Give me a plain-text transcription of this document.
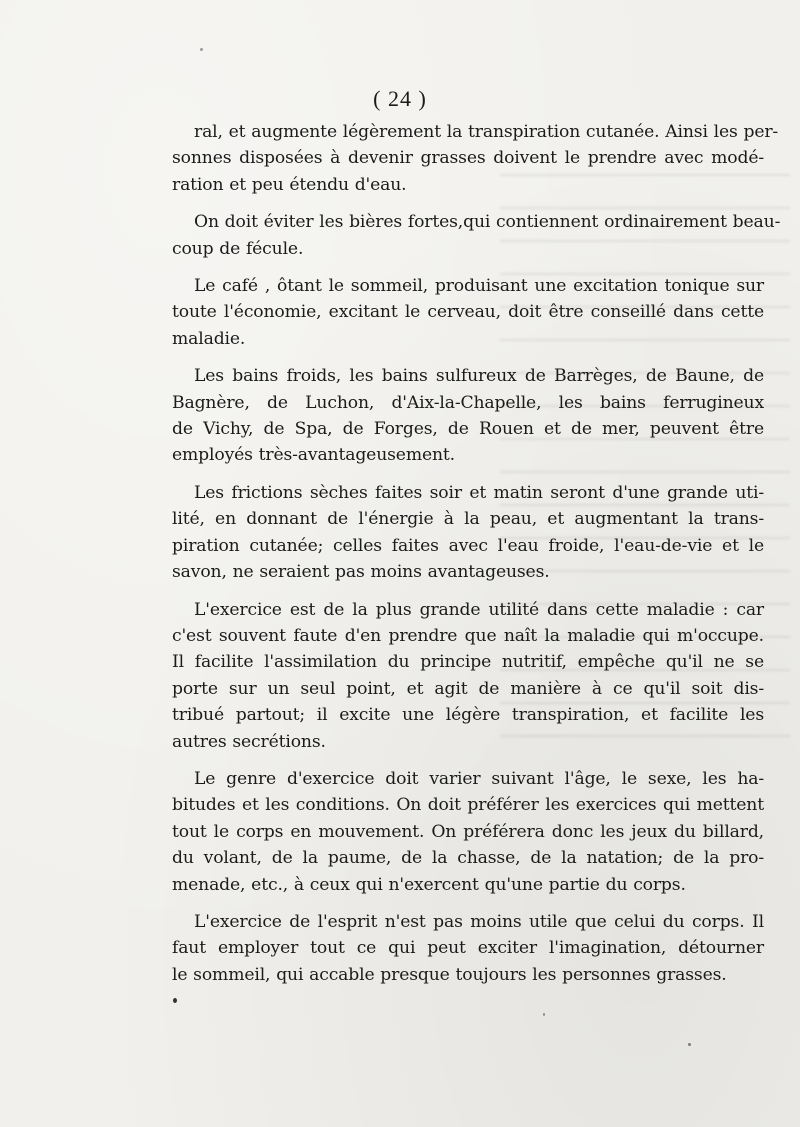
( 24 )

ral, et augmente légèrement la transpiration cutanée. Ainsi les per-
sonnes disposées à devenir grasses doivent le prendre avec modé-
ration et peu étendu d'eau.

On doit éviter les bières fortes,qui contiennent ordinairement beau-
coup de fécule.

Le café , ôtant le sommeil, produisant une excitation tonique sur
toute l'économie, excitant le cerveau, doit être conseillé dans cette
maladie.

Les bains froids, les bains sulfureux de Barrèges, de Baune, de
Bagnère, de Luchon, d'Aix-la-Chapelle, les bains ferrugineux
de Vichy, de Spa, de Forges, de Rouen et de mer, peuvent être
employés très-avantageusement.

Les frictions sèches faites soir et matin seront d'une grande uti-
lité, en donnant de l'énergie à la peau, et augmentant la trans-
piration cutanée; celles faites avec l'eau froide, l'eau-de-vie et le
savon, ne seraient pas moins avantageuses.

L'exercice est de la plus grande utilité dans cette maladie : car
c'est souvent faute d'en prendre que naît la maladie qui m'occupe.
Il facilite l'assimilation du principe nutritif, empêche qu'il ne se
porte sur un seul point, et agit de manière à ce qu'il soit dis-
tribué partout; il excite une légère transpiration, et facilite les
autres secrétions.

Le genre d'exercice doit varier suivant l'âge, le sexe, les ha-
bitudes et les conditions. On doit préférer les exercices qui mettent
tout le corps en mouvement. On préférera donc les jeux du billard,
du volant, de la paume, de la chasse, de la natation; de la pro-
menade, etc., à ceux qui n'exercent qu'une partie du corps.

L'exercice de l'esprit n'est pas moins utile que celui du corps. Il
faut employer tout ce qui peut exciter l'imagination, détourner
le sommeil, qui accable presque toujours les personnes grasses.
